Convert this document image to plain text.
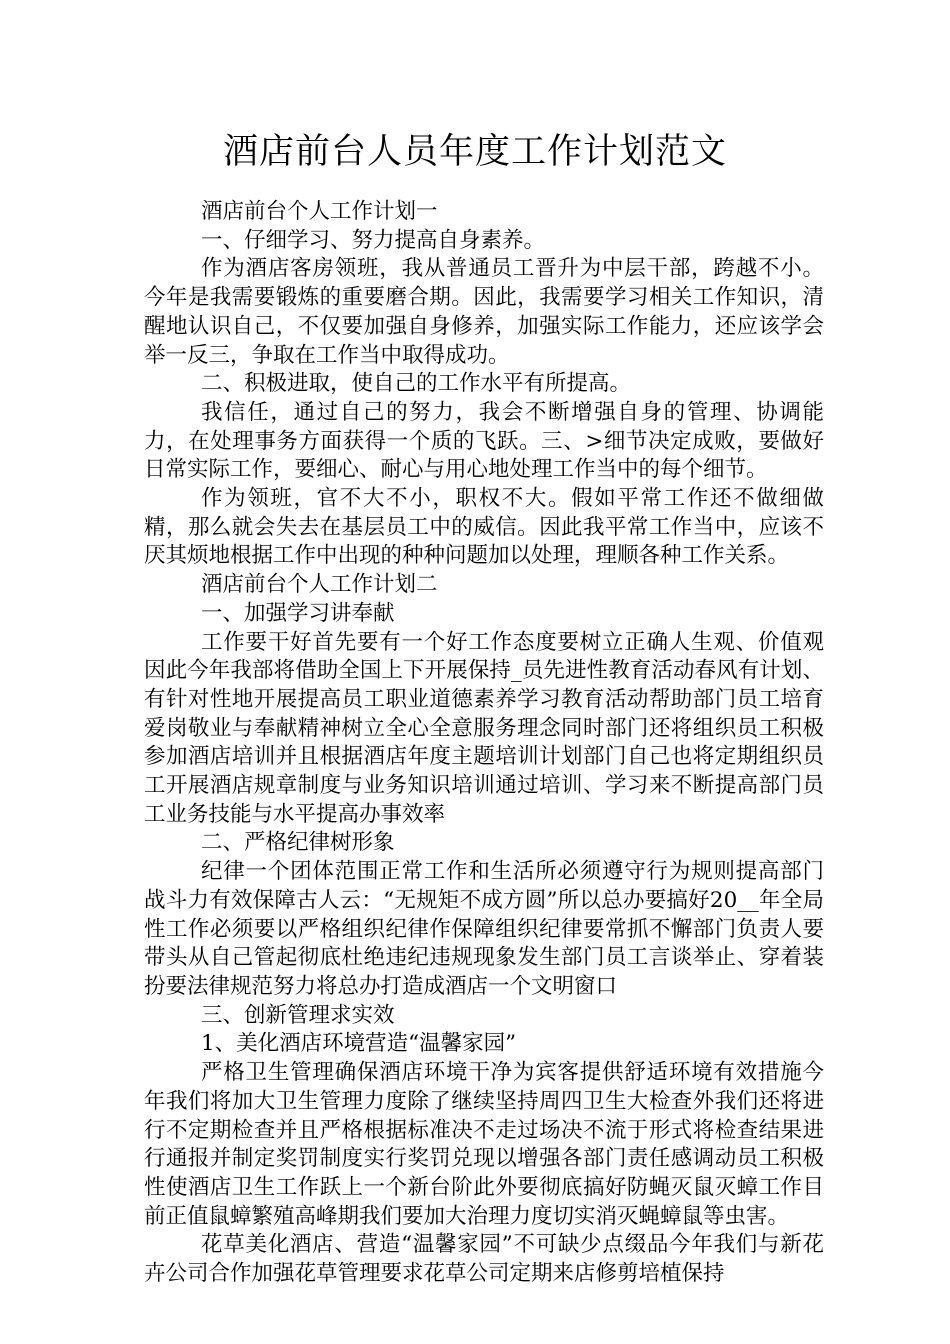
酒店前台人员年度工作计划范文

酒店前台个人工作计划一

一、仔细学习、努力提高自身素养。

作为酒店客房领班，我从普通员工晋升为中层干部，跨越不小。今年是我需要锻炼的重要磨合期。因此，我需要学习相关工作知识，清醒地认识自己，不仅要加强自身修养，加强实际工作能力，还应该学会举一反三，争取在工作当中取得成功。

二、积极进取，使自己的工作水平有所提高。

我信任，通过自己的努力，我会不断增强自身的管理、协调能力，在处理事务方面获得一个质的飞跃。三、>细节决定成败，要做好日常实际工作，要细心、耐心与用心地处理工作当中的每个细节。

作为领班，官不大不小，职权不大。假如平常工作还不做细做精，那么就会失去在基层员工中的威信。因此我平常工作当中，应该不厌其烦地根据工作中出现的种种问题加以处理，理顺各种工作关系。

酒店前台个人工作计划二

一、加强学习讲奉献

工作要干好首先要有一个好工作态度要树立正确人生观、价值观因此今年我部将借助全国上下开展保持_员先进性教育活动春风有计划、有针对性地开展提高员工职业道德素养学习教育活动帮助部门员工培育爱岗敬业与奉献精神树立全心全意服务理念同时部门还将组织员工积极参加酒店培训并且根据酒店年度主题培训计划部门自己也将定期组织员工开展酒店规章制度与业务知识培训通过培训、学习来不断提高部门员工业务技能与水平提高办事效率

二、严格纪律树形象

纪律一个团体范围正常工作和生活所必须遵守行为规则提高部门战斗力有效保障古人云：“无规矩不成方圆”所以总办要搞好20__年全局性工作必须要以严格组织纪律作保障组织纪律要常抓不懈部门负责人要带头从自己管起彻底杜绝违纪违规现象发生部门员工言谈举止、穿着装扮要法律规范努力将总办打造成酒店一个文明窗口

三、创新管理求实效

1、美化酒店环境营造“温馨家园”

严格卫生管理确保酒店环境干净为宾客提供舒适环境有效措施今年我们将加大卫生管理力度除了继续坚持周四卫生大检查外我们还将进行不定期检查并且严格根据标准决不走过场决不流于形式将检查结果进行通报并制定奖罚制度实行奖罚兑现以增强各部门责任感调动员工积极性使酒店卫生工作跃上一个新台阶此外要彻底搞好防蝇灭鼠灭蟑工作目前正值鼠蟑繁殖高峰期我们要加大治理力度切实消灭蝇蟑鼠等虫害。

花草美化酒店、营造“温馨家园”不可缺少点缀品今年我们与新花卉公司合作加强花草管理要求花草公司定期来店修剪培植保持
